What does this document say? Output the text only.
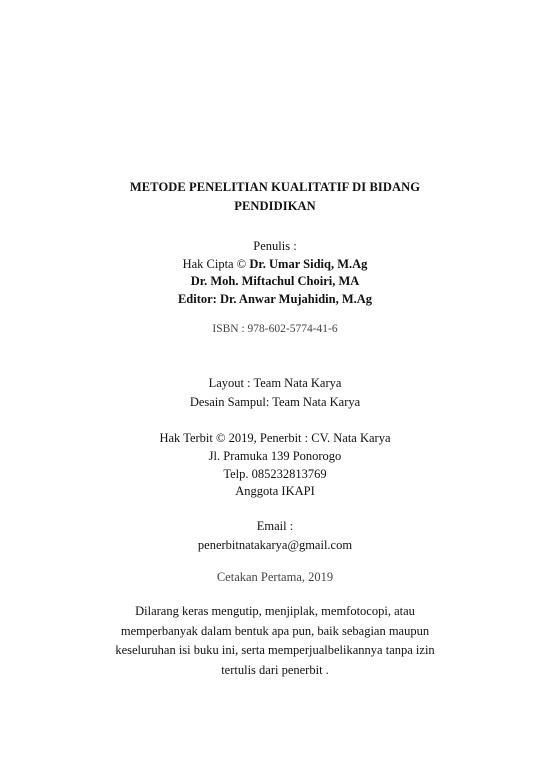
METODE PENELITIAN KUALITATIF DI BIDANG
PENDIDIKAN
Penulis :
Hak Cipta © Dr. Umar Sidiq, M.Ag
Dr. Moh. Miftachul Choiri, MA
Editor: Dr. Anwar Mujahidin, M.Ag
ISBN : 978-602-5774-41-6
Layout : Team Nata Karya
Desain Sampul: Team Nata Karya
Hak Terbit © 2019, Penerbit : CV. Nata Karya
Jl. Pramuka 139 Ponorogo
Telp. 085232813769
Anggota IKAPI
Email :
penerbitnatakarya@gmail.com
Cetakan Pertama, 2019
Dilarang keras mengutip, menjiplak, memfotocopi, atau
memperbanyak dalam bentuk apa pun, baik sebagian maupun
keseluruhan isi buku ini, serta memperjualbelikannya tanpa izin
tertulis dari penerbit .
